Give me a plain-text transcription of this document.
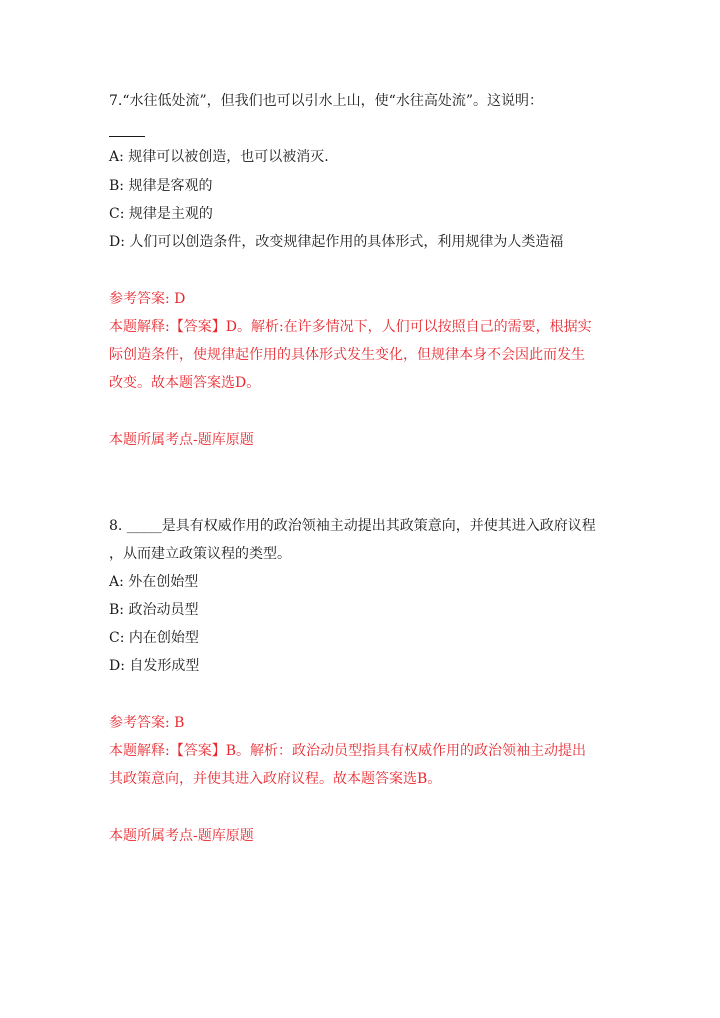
7.“水往低处流”，但我们也可以引水上山，使“水往高处流”。这说明：
A: 规律可以被创造，也可以被消灭.
B: 规律是客观的
C: 规律是主观的
D: 人们可以创造条件，改变规律起作用的具体形式，利用规律为人类造福
参考答案: D
本题解释:【答案】D。解析:在许多情况下，人们可以按照自己的需要，根据实
际创造条件，使规律起作用的具体形式发生变化，但规律本身不会因此而发生
改变。故本题答案选D。
本题所属考点-题库原题
8. _____是具有权威作用的政治领袖主动提出其政策意向，并使其进入政府议程
，从而建立政策议程的类型。
A: 外在创始型
B: 政治动员型
C: 内在创始型
D: 自发形成型
参考答案: B
本题解释:【答案】B。解析：政治动员型指具有权威作用的政治领袖主动提出
其政策意向，并使其进入政府议程。故本题答案选B。
本题所属考点-题库原题
